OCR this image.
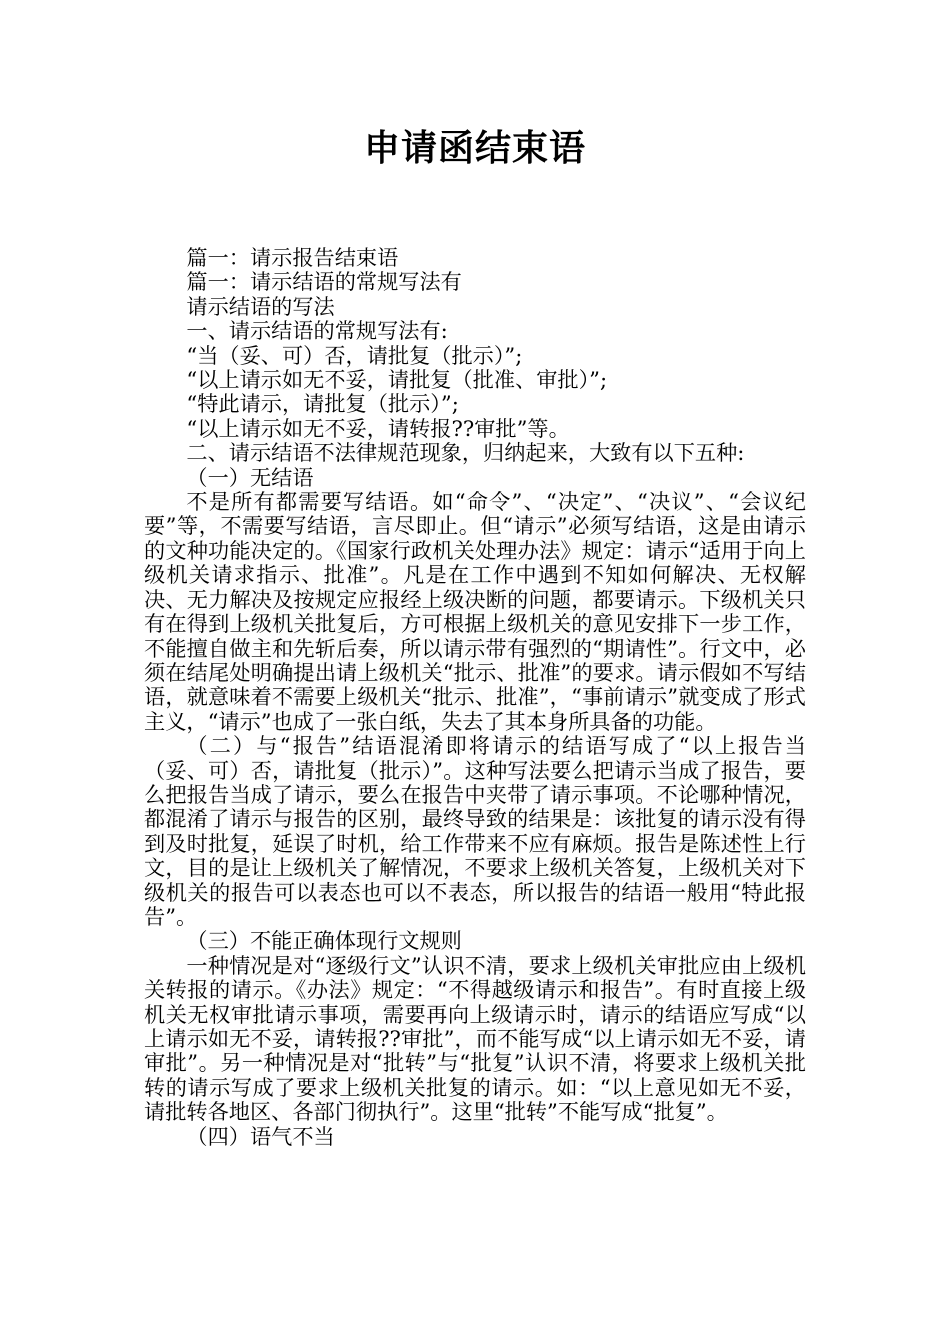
申请函结束语

篇一：请示报告结束语

篇一：请示结语的常规写法有

请示结语的写法

一、请示结语的常规写法有:

“当（妥、可）否，请批复（批示）”;

“以上请示如无不妥，请批复（批准、审批）”;

“特此请示，请批复（批示）”;

“以上请示如无不妥，请转报??审批”等。

二、请示结语不法律规范现象，归纳起来，大致有以下五种:

（一）无结语

不是所有都需要写结语。如“命令”、“决定”、“决议”、“会议纪要”等，不需要写结语，言尽即止。但“请示”必须写结语，这是由请示的文种功能决定的。《国家行政机关处理办法》规定：请示“适用于向上级机关请求指示、批准”。凡是在工作中遇到不知如何解决、无权解决、无力解决及按规定应报经上级决断的问题，都要请示。下级机关只有在得到上级机关批复后，方可根据上级机关的意见安排下一步工作，不能擅自做主和先斩后奏，所以请示带有强烈的“期请性”。行文中，必须在结尾处明确提出请上级机关“批示、批准”的要求。请示假如不写结语，就意味着不需要上级机关“批示、批准”，“事前请示”就变成了形式主义，“请示”也成了一张白纸，失去了其本身所具备的功能。

（二）与“报告”结语混淆即将请示的结语写成了“以上报告当（妥、可）否，请批复（批示）”。这种写法要么把请示当成了报告，要么把报告当成了请示，要么在报告中夹带了请示事项。不论哪种情况，都混淆了请示与报告的区别，最终导致的结果是：该批复的请示没有得到及时批复，延误了时机，给工作带来不应有麻烦。报告是陈述性上行文，目的是让上级机关了解情况，不要求上级机关答复，上级机关对下级机关的报告可以表态也可以不表态，所以报告的结语一般用“特此报告”。

（三）不能正确体现行文规则

一种情况是对“逐级行文”认识不清，要求上级机关审批应由上级机关转报的请示。《办法》规定：“不得越级请示和报告”。有时直接上级机关无权审批请示事项，需要再向上级请示时，请示的结语应写成“以上请示如无不妥，请转报??审批”，而不能写成“以上请示如无不妥，请审批”。另一种情况是对“批转”与“批复”认识不清，将要求上级机关批转的请示写成了要求上级机关批复的请示。如：“以上意见如无不妥，请批转各地区、各部门彻执行”。这里“批转”不能写成“批复”。

（四）语气不当
